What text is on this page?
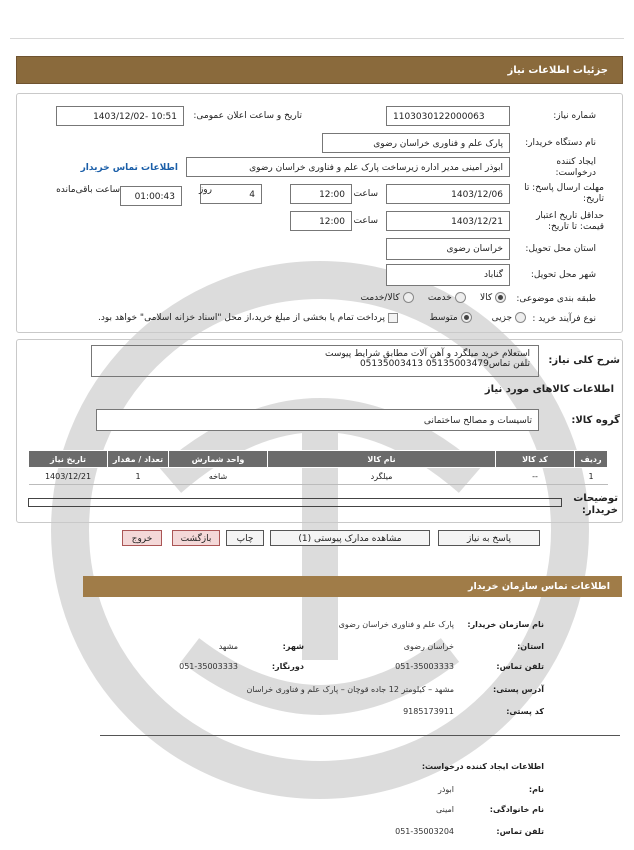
جزئیات اطلاعات نیاز
شماره نیاز:
1103030122000063
تاریخ و ساعت اعلان عمومی:
1403/12/02- 10:51
نام دستگاه خریدار:
پارک علم و فناوری خراسان رضوی
ایجاد کننده درخواست:
ابوذر امینی مدیر اداره زیرساخت پارک علم و فناوری خراسان رضوی
اطلاعات تماس خریدار
مهلت ارسال پاسخ: تا تاریخ:
1403/12/06
ساعت
12:00
4
روز
01:00:43
ساعت باقی‌مانده
حداقل تاریخ اعتبار قیمت: تا تاریخ:
1403/12/21
ساعت
12:00
استان محل تحویل:
خراسان رضوی
شهر محل تحویل:
گناباد
طبقه بندی موضوعی:
کالا      خدمت      کالا/خدمت
نوع فرآیند خرید :
جزیی        متوسط            پرداخت تمام یا بخشی از مبلغ خرید،از محل "اسناد خزانه اسلامی" خواهد بود.
شرح کلی نیاز:
استعلام خرید میلگرد و آهن آلات مطابق شرایط پیوست
تلفن تماس05135003479 05135003413
اطلاعات کالاهای مورد نیاز
گروه کالا:
تاسیسات و مصالح ساختمانی
ردیف	کد کالا	نام کالا	واحد شمارش	تعداد / مقدار	تاریخ نیاز
1	--	میلگرد	شاخه	1	1403/12/21
توضیحات خریدار:
پاسخ به نیاز
مشاهده مدارک پیوستی (1)
چاپ
بازگشت
خروج
اطلاعات تماس سازمان خریدار
نام سازمان خریدار:
پارک علم و فناوری خراسان رضوی
استان:
خراسان رضوی
شهر:
مشهد
تلفن تماس:
051-35003333
دورنگار:
051-35003333
آدرس پستی:
مشهد – کیلومتر 12 جاده قوچان – پارک علم و فناوری خراسان
کد پستی:
9185173911
اطلاعات ایجاد کننده درخواست:
نام:
ابوذر
نام خانوادگی:
امینی
تلفن تماس:
051-35003204
